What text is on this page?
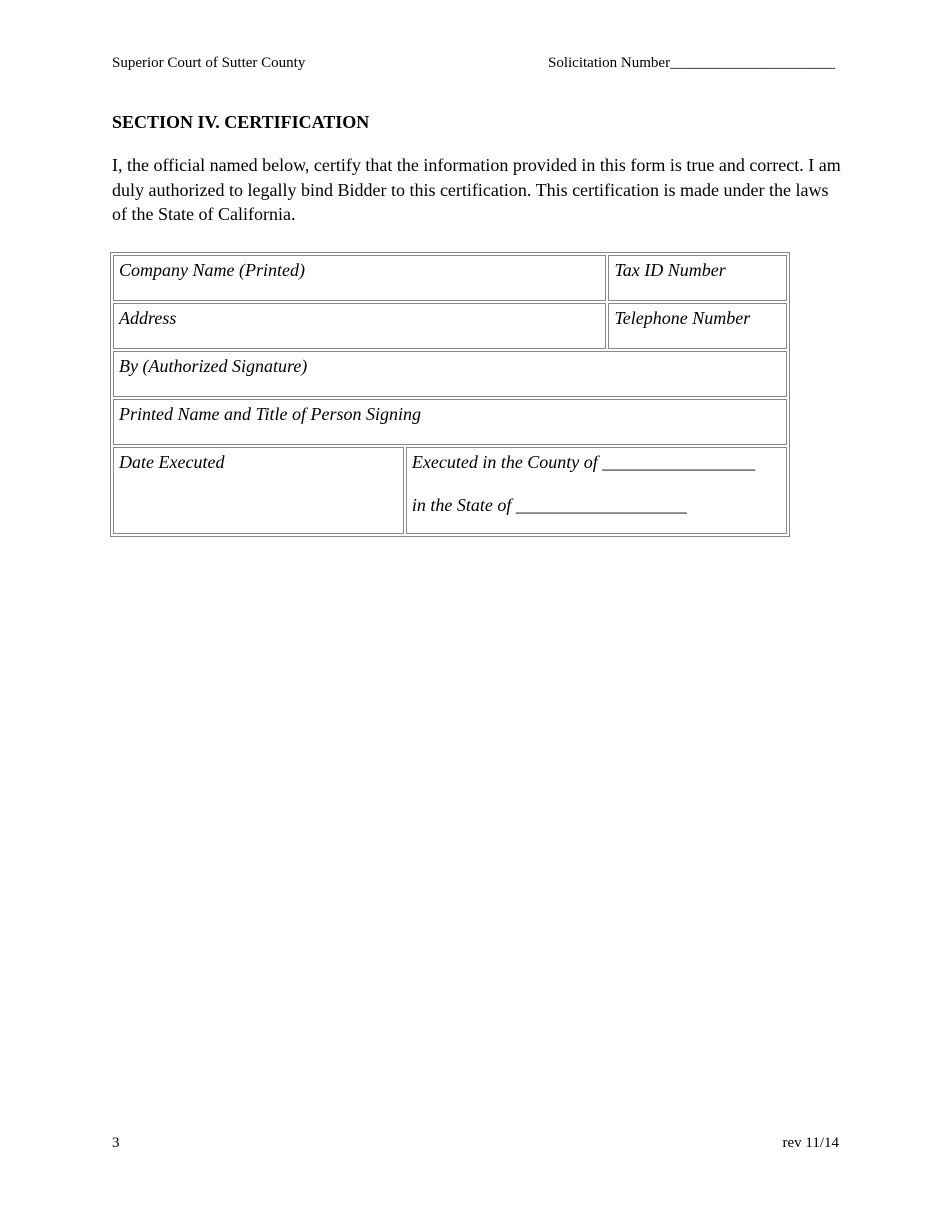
Superior Court of Sutter County	Solicitation Number______________________
SECTION IV. CERTIFICATION

I, the official named below, certify that the information provided in this form is true and correct. I am duly authorized to legally bind Bidder to this certification. This certification is made under the laws of the State of California.

Company Name (Printed)		Tax ID Number
Address		Telephone Number
By (Authorized Signature)		
Printed Name and Title of Person Signing		
Date Executed	Executed in the County of _________________
in the State of ___________________	
3	rev 11/14
